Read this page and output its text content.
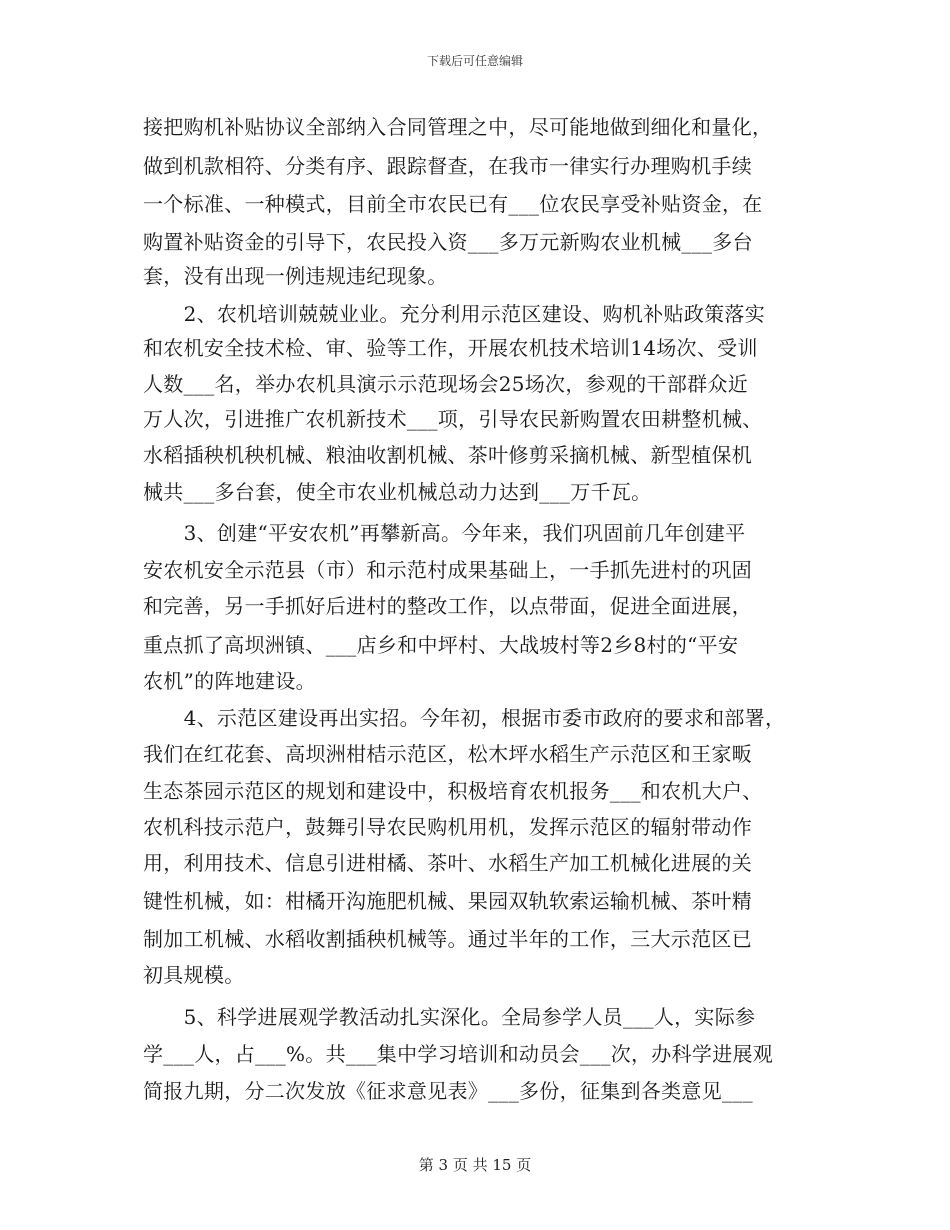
下载后可任意编辑
接把购机补贴协议全部纳入合同管理之中，尽可能地做到细化和量化，
做到机款相符、分类有序、跟踪督查，在我市一律实行办理购机手续
一个标准、一种模式，目前全市农民已有___位农民享受补贴资金，在
购置补贴资金的引导下，农民投入资___多万元新购农业机械___多台
套，没有出现一例违规违纪现象。
　　2、农机培训兢兢业业。充分利用示范区建设、购机补贴政策落实
和农机安全技术检、审、验等工作，开展农机技术培训14场次、受训
人数___名，举办农机具演示示范现场会25场次，参观的干部群众近
万人次，引进推广农机新技术___项，引导农民新购置农田耕整机械、
水稻插秧机秧机械、粮油收割机械、茶叶修剪采摘机械、新型植保机
械共___多台套，使全市农业机械总动力达到___万千瓦。
　　3、创建“平安农机”再攀新高。今年来，我们巩固前几年创建平
安农机安全示范县（市）和示范村成果基础上，一手抓先进村的巩固
和完善，另一手抓好后进村的整改工作，以点带面，促进全面进展，
重点抓了高坝洲镇、___店乡和中坪村、大战坡村等2乡8村的“平安
农机”的阵地建设。
　　4、示范区建设再出实招。今年初，根据市委市政府的要求和部署，
我们在红花套、高坝洲柑桔示范区，松木坪水稻生产示范区和王家畈
生态茶园示范区的规划和建设中，积极培育农机报务___和农机大户、
农机科技示范户，鼓舞引导农民购机用机，发挥示范区的辐射带动作
用，利用技术、信息引进柑橘、茶叶、水稻生产加工机械化进展的关
键性机械，如：柑橘开沟施肥机械、果园双轨软索运输机械、茶叶精
制加工机械、水稻收割插秧机械等。通过半年的工作，三大示范区已
初具规模。
　　5、科学进展观学教活动扎实深化。全局参学人员___人，实际参
学___人，占___%。共___集中学习培训和动员会___次，办科学进展观
简报九期，分二次发放《征求意见表》___多份，征集到各类意见___
第 3 页 共 15 页
